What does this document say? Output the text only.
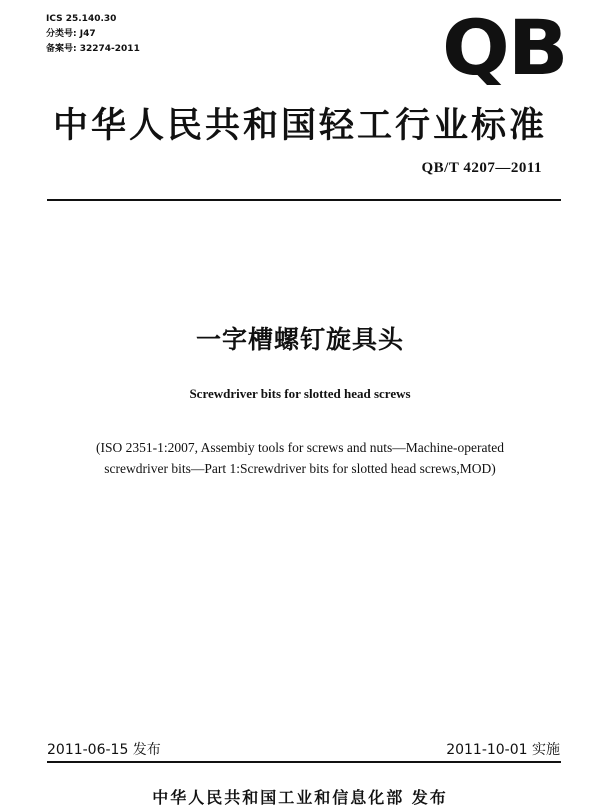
ICS 25.140.30
分类号: J47
备案号: 32274-2011	QB
中华人民共和国轻工行业标准
QB/T 4207—2011
一字槽螺钉旋具头
Screwdriver bits for slotted head screws
(ISO 2351-1:2007, Assembiy tools for screws and nuts—Machine-operated
screwdriver bits—Part 1:Screwdriver bits for slotted head screws,MOD)
2011-06-15 发布	2011-10-01 实施
中华人民共和国工业和信息化部 发布
